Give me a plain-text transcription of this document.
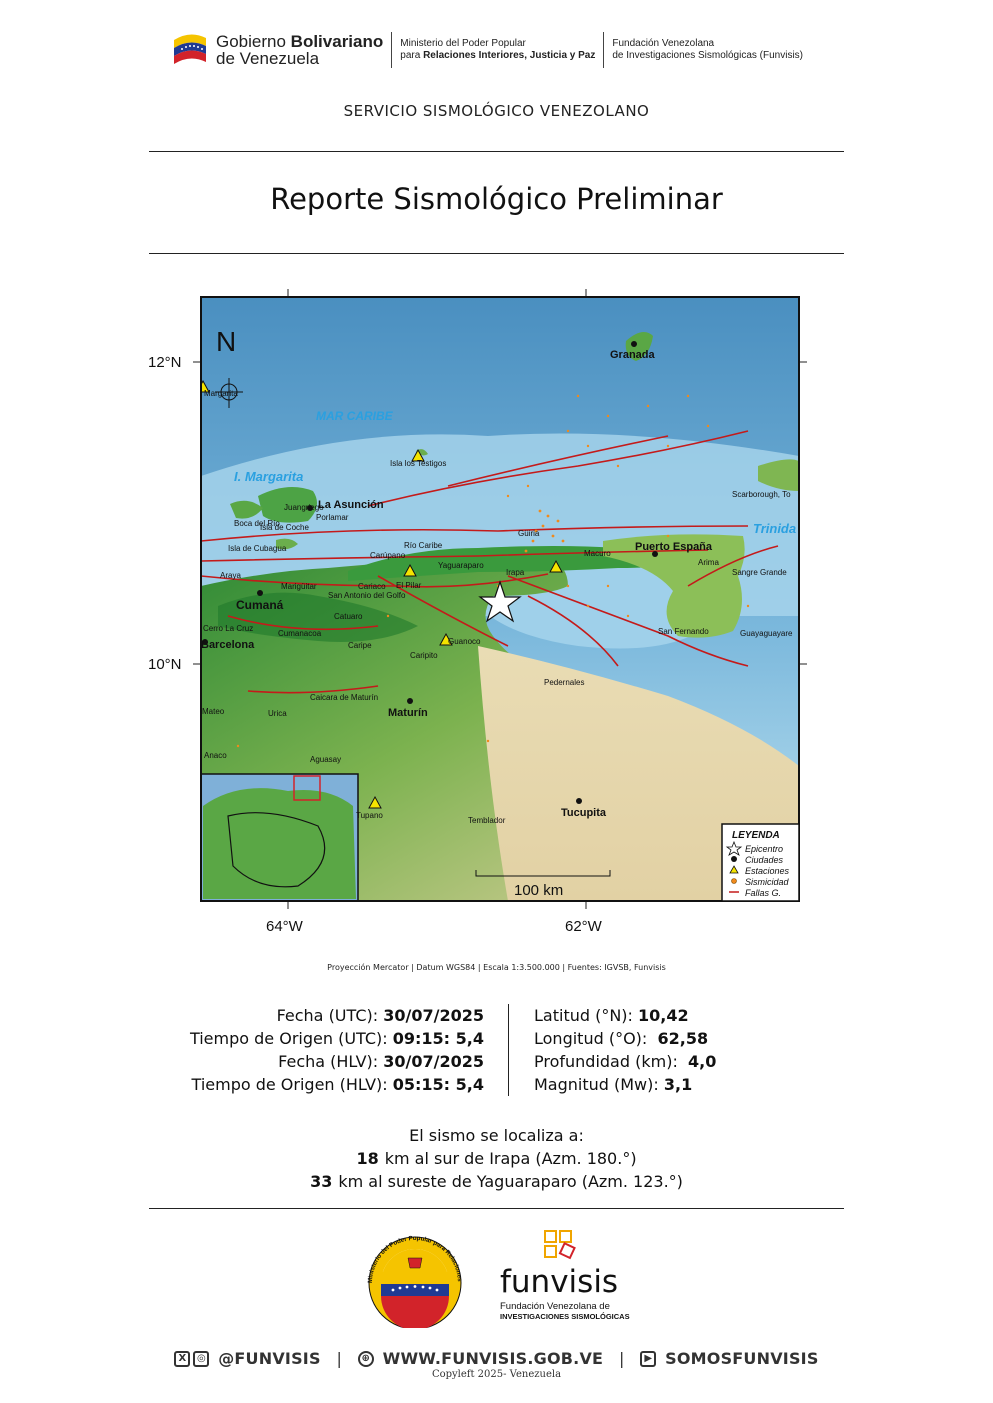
Gobierno Bolivariano
de Venezuela
Ministerio del Poder Popular
para Relaciones Interiores, Justicia y Paz
Fundación Venezolana
de Investigaciones Sismológicas (Funvisis)
SERVICIO SISMOLÓGICO VENEZOLANO
Reporte Sismológico Preliminar
12°N
10°N
64°W	62°W
N
MAR CARIBE
I. Margarita
Trinida
Granada
La Asunción
Puerto España
Cumaná
Barcelona
Maturín
Tucupita
Isla los Testigos
Juangriego
Porlamar
Boca del Río
Isla de Coche
Isla de Cubagua	Río Caribe
Carúpano
Güiria
Macuro
Yaguaraparo
Irapa
Araya
Marigüitar	Cariaco El Pilar
San Antonio del Golfo
Cumanacoa
Cerro La Cruz
Caripe
Caripito
Guanoco
Caicara de Maturín
Urica
Mateo
Anaco	Aguasay
Temblador
Pedernales
San Fernando	Guayaguayare
Arima
Sangre Grande
Scarborough, To
Catuaro
Tupano
Margarita
100 km
LEYENDA
Epicentro
Ciudades
Estaciones
Sismicidad
Fallas G.
Proyección Mercator | Datum WGS84 | Escala 1:3.500.000 | Fuentes: IGVSB, Funvisis
Fecha (UTC): 30/07/2025
Tiempo de Origen (UTC): 09:15: 5,4
Fecha (HLV): 30/07/2025
Tiempo de Origen (HLV): 05:15: 5,4
Latitud (°N): 10,42
Longitud (°O):  62,58
Profundidad (km):  4,0
Magnitud (Mw): 3,1
El sismo se localiza a:
18 km al sur de Irapa (Azm. 180.°)
33 km al sureste de Yaguaraparo (Azm. 123.°)
Ministerio del Poder Popular para Relaciones funvisis
Fundación Venezolana de
INVESTIGACIONES SISMOLÓGICAS
X ◎ @FUNVISIS | ⊕ WWW.FUNVISIS.GOB.VE | ▶ SOMOSFUNVISIS
Copyleft 2025- Venezuela
